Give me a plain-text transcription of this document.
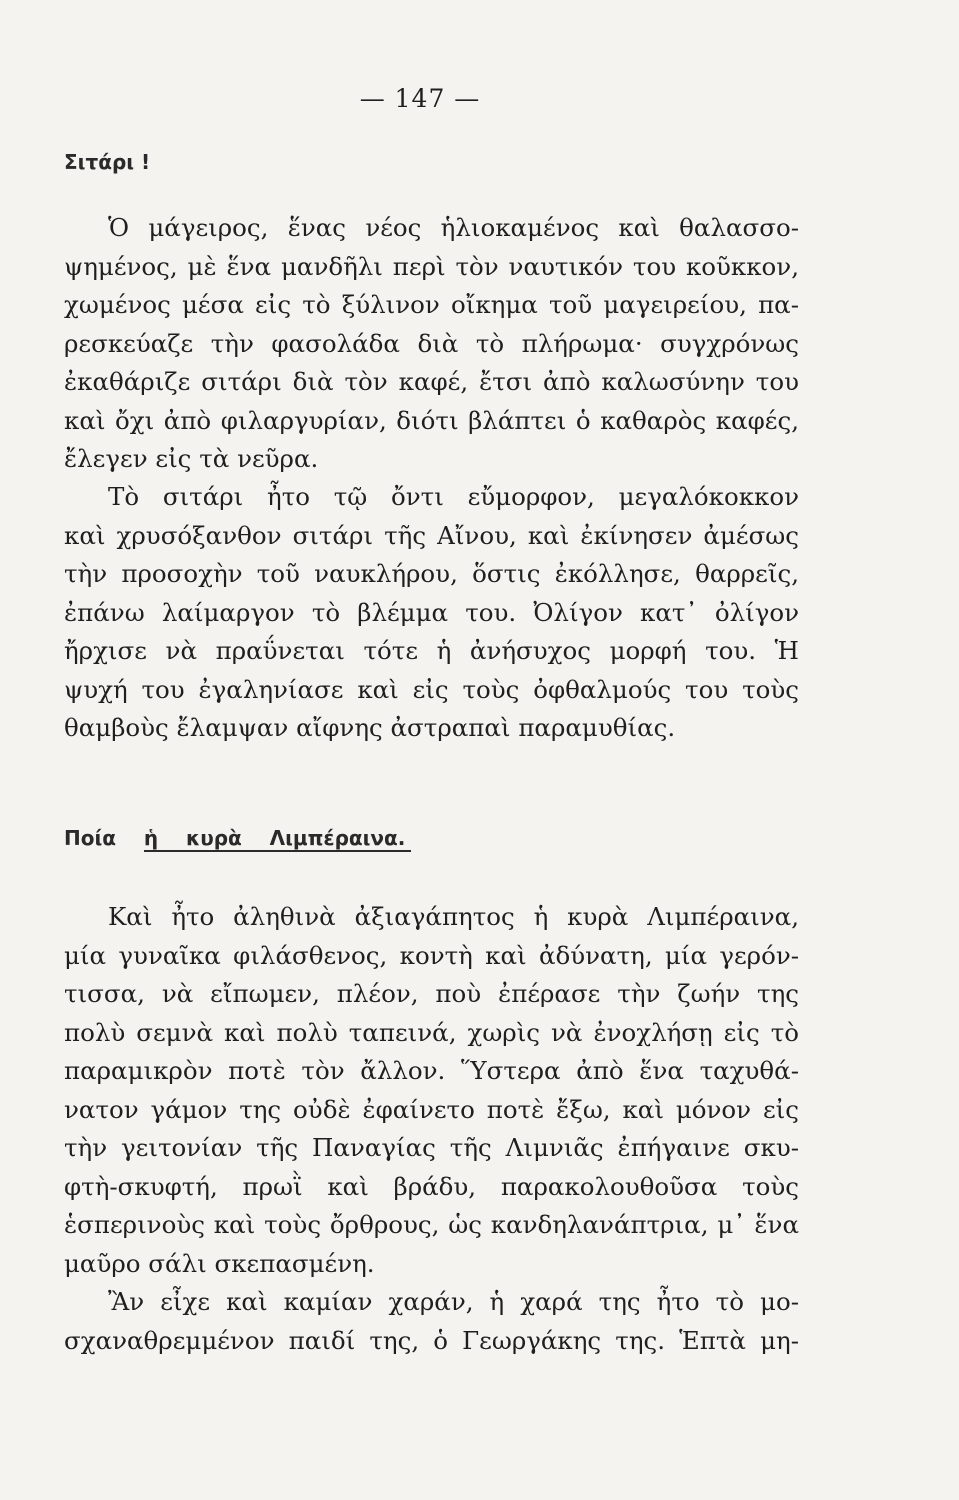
— 147 —
Σιτάρι !
Ὁ μάγειρος, ἕνας νέος ἡλιοκαμένος καὶ θαλασσο-
ψημένος, μὲ ἕνα μανδῆλι περὶ τὸν ναυτικόν του κοῦκκον,
χωμένος μέσα εἰς τὸ ξύλινον οἴκημα τοῦ μαγειρείου, πα-
ρεσκεύαζε τὴν φασολάδα διὰ τὸ πλήρωμα· συγχρόνως
ἐκαθάριζε σιτάρι διὰ τὸν καφέ, ἔτσι ἀπὸ καλωσύνην του
καὶ ὄχι ἀπὸ φιλαργυρίαν, διότι βλάπτει ὁ καθαρὸς καφές,
ἔλεγεν εἰς τὰ νεῦρα.
Τὸ σιτάρι ἦτο τῷ ὄντι εὔμορφον, μεγαλόκοκκον
καὶ χρυσόξανθον σιτάρι τῆς Αἴνου, καὶ ἐκίνησεν ἀμέσως
τὴν προσοχὴν τοῦ ναυκλήρου, ὅστις ἐκόλλησε, θαρρεῖς,
ἐπάνω λαίμαργον τὸ βλέμμα του. Ὀλίγον κατ᾽ ὀλίγον
ἤρχισε νὰ πραΰνεται τότε ἡ ἀνήσυχος μορφή του. Ἡ
ψυχή του ἐγαληνίασε καὶ εἰς τοὺς ὀφθαλμούς του τοὺς
θαμβοὺς ἔλαμψαν αἴφνης ἀστραπαὶ παραμυθίας.
Ποία ἡ κυρὰ Λιμπέραινα.
Καὶ ἦτο ἀληθινὰ ἀξιαγάπητος ἡ κυρὰ Λιμπέραινα,
μία γυναῖκα φιλάσθενος, κοντὴ καὶ ἀδύνατη, μία γερόν-
τισσα, νὰ εἴπωμεν, πλέον, ποὺ ἐπέρασε τὴν ζωήν της
πολὺ σεμνὰ καὶ πολὺ ταπεινά, χωρὶς νὰ ἐνοχλήσῃ εἰς τὸ
παραμικρὸν ποτὲ τὸν ἄλλον. Ὕστερα ἀπὸ ἕνα ταχυθά-
νατον γάμον της οὐδὲ ἐφαίνετο ποτὲ ἔξω, καὶ μόνον εἰς
τὴν γειτονίαν τῆς Παναγίας τῆς Λιμνιᾶς ἐπήγαινε σκυ-
φτὴ-σκυφτή, πρωῒ καὶ βράδυ, παρακολουθοῦσα τοὺς
ἑσπερινοὺς καὶ τοὺς ὄρθρους, ὡς κανδηλανάπτρια, μ᾽ ἕνα
μαῦρο σάλι σκεπασμένη.
Ἂν εἶχε καὶ καμίαν χαράν, ἡ χαρά της ἦτο τὸ μο-
σχαναθρεμμένον παιδί της, ὁ Γεωργάκης της. Ἑπτὰ μη-
